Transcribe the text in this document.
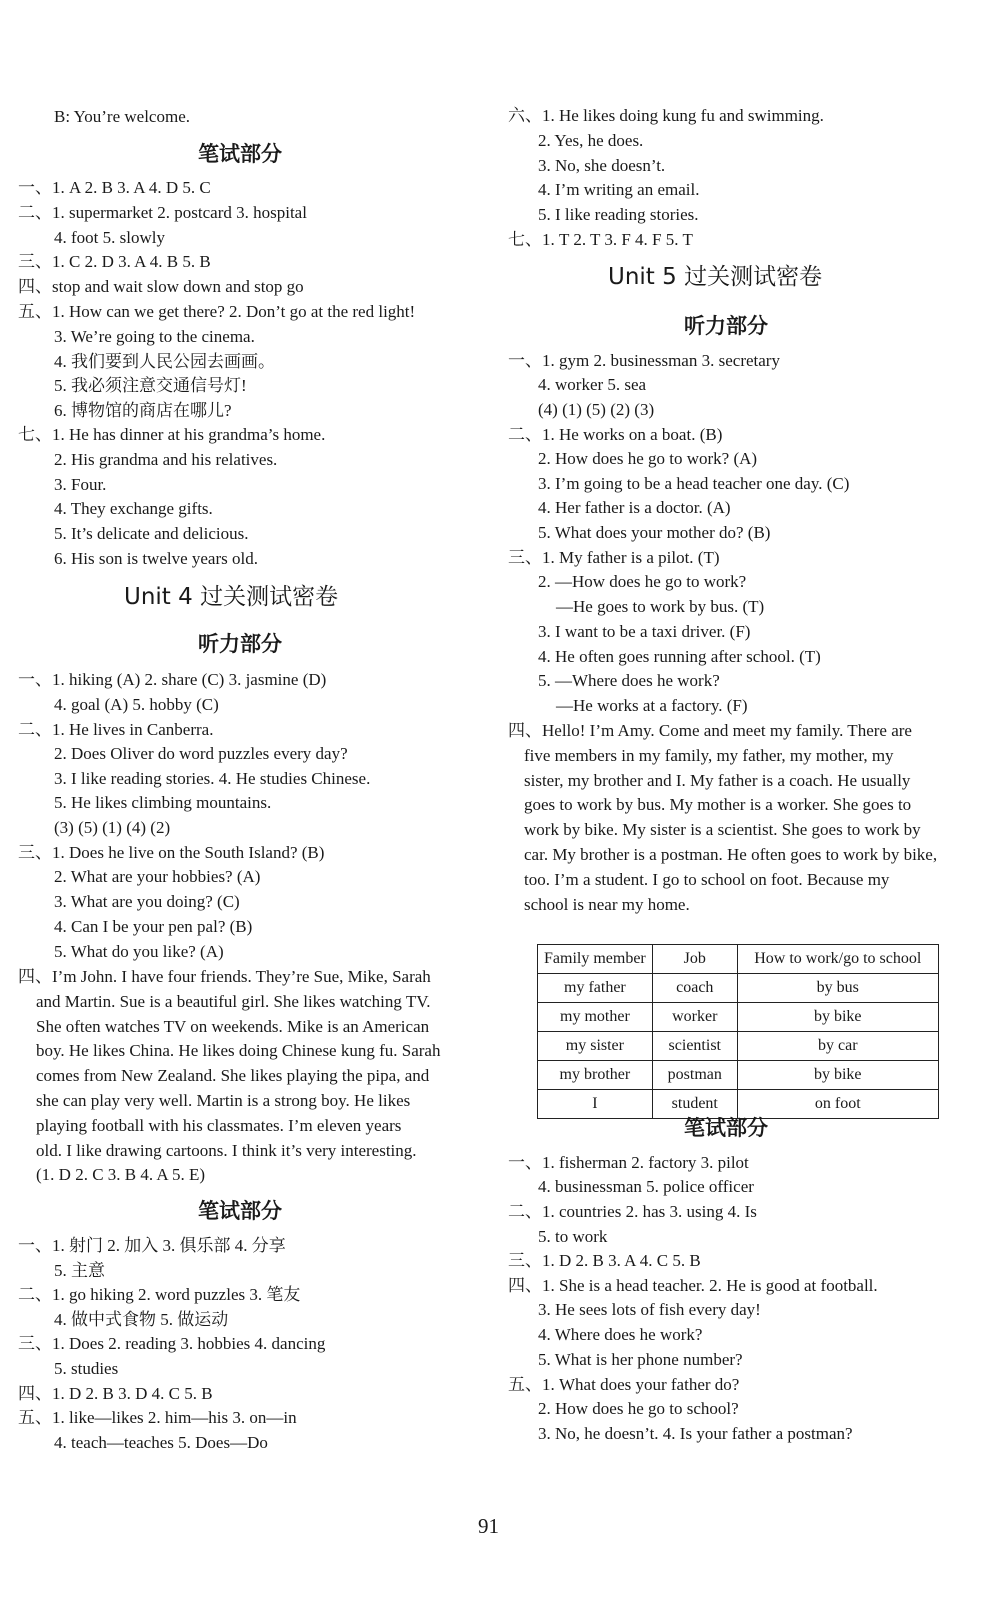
B: You’re welcome.
笔试部分
一、1. A 2. B 3. A 4. D 5. C
二、1. supermarket 2. postcard 3. hospital
4. foot 5. slowly
三、1. C 2. D 3. A 4. B 5. B
四、stop and wait slow down and stop go
五、1. How can we get there? 2. Don’t go at the red light!
3. We’re going to the cinema.
4. 我们要到人民公园去画画。
5. 我必须注意交通信号灯!
6. 博物馆的商店在哪儿?
七、1. He has dinner at his grandma’s home.
2. His grandma and his relatives.
3. Four.
4. They exchange gifts.
5. It’s delicate and delicious.
6. His son is twelve years old.
Unit 4 过关测试密卷
听力部分
一、1. hiking (A) 2. share (C) 3. jasmine (D)
4. goal (A) 5. hobby (C)
二、1. He lives in Canberra.
2. Does Oliver do word puzzles every day?
3. I like reading stories. 4. He studies Chinese.
5. He likes climbing mountains.
(3) (5) (1) (4) (2)
三、1. Does he live on the South Island? (B)
2. What are your hobbies? (A)
3. What are you doing? (C)
4. Can I be your pen pal? (B)
5. What do you like? (A)
四、I’m John. I have four friends. They’re Sue, Mike, Sarah
and Martin. Sue is a beautiful girl. She likes watching TV.
She often watches TV on weekends. Mike is an American
boy. He likes China. He likes doing Chinese kung fu. Sarah
comes from New Zealand. She likes playing the pipa, and
she can play very well. Martin is a strong boy. He likes
playing football with his classmates. I’m eleven years
old. I like drawing cartoons. I think it’s very interesting.
(1. D 2. C 3. B 4. A 5. E)
笔试部分
一、1. 射门 2. 加入 3. 俱乐部 4. 分享
5. 主意
二、1. go hiking 2. word puzzles 3. 笔友
4. 做中式食物 5. 做运动
三、1. Does 2. reading 3. hobbies 4. dancing
5. studies
四、1. D 2. B 3. D 4. C 5. B
五、1. like—likes 2. him—his 3. on—in
4. teach—teaches 5. Does—Do
六、1. He likes doing kung fu and swimming.
2. Yes, he does.
3. No, she doesn’t.
4. I’m writing an email.
5. I like reading stories.
七、1. T 2. T 3. F 4. F 5. T
Unit 5 过关测试密卷
听力部分
一、1. gym 2. businessman 3. secretary
4. worker 5. sea
(4) (1) (5) (2) (3)
二、1. He works on a boat. (B)
2. How does he go to work? (A)
3. I’m going to be a head teacher one day. (C)
4. Her father is a doctor. (A)
5. What does your mother do? (B)
三、1. My father is a pilot. (T)
2. —How does he go to work?
—He goes to work by bus. (T)
3. I want to be a taxi driver. (F)
4. He often goes running after school. (T)
5. —Where does he work?
—He works at a factory. (F)
四、Hello! I’m Amy. Come and meet my family. There are
five members in my family, my father, my mother, my
sister, my brother and I. My father is a coach. He usually
goes to work by bus. My mother is a worker. She goes to
work by bike. My sister is a scientist. She goes to work by
car. My brother is a postman. He often goes to work by bike,
too. I’m a student. I go to school on foot. Because my
school is near my home.
Family member	Job	How to work/go to school
my father	coach	by bus
my mother	worker	by bike
my sister	scientist	by car
my brother	postman	by bike
I	student	on foot
笔试部分
一、1. fisherman 2. factory 3. pilot
4. businessman 5. police officer
二、1. countries 2. has 3. using 4. Is
5. to work
三、1. D 2. B 3. A 4. C 5. B
四、1. She is a head teacher. 2. He is good at football.
3. He sees lots of fish every day!
4. Where does he work?
5. What is her phone number?
五、1. What does your father do?
2. How does he go to school?
3. No, he doesn’t. 4. Is your father a postman?
91
